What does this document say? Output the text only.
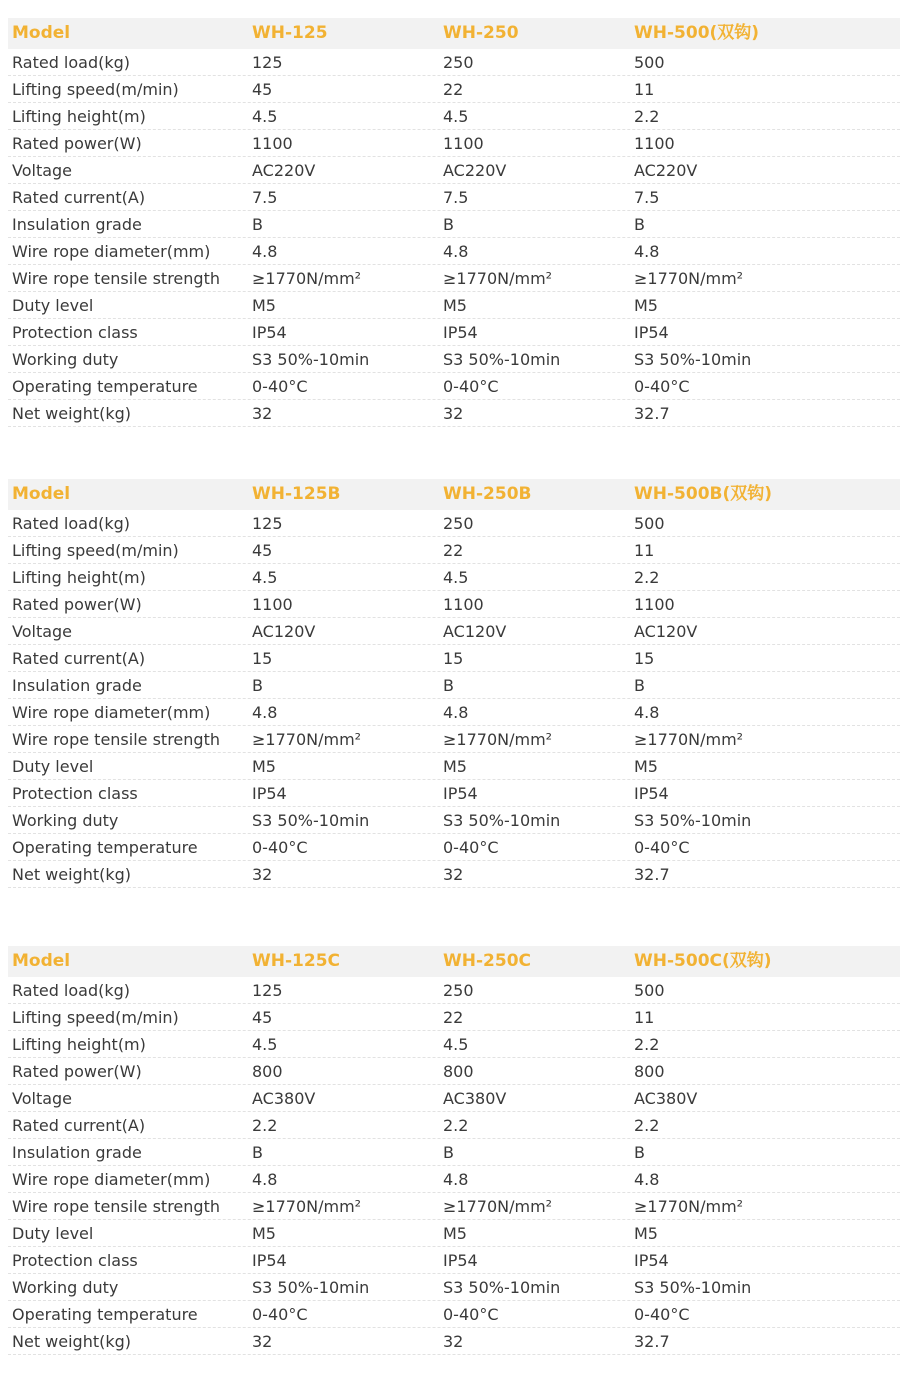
Model	WH-125	WH-250	WH-500(双钩)
Rated load(kg)	125	250	500
Lifting speed(m/min)	45	22	11
Lifting height(m)	4.5	4.5	2.2
Rated power(W)	1100	1100	1100
Voltage	AC220V	AC220V	AC220V
Rated current(A)	7.5	7.5	7.5
Insulation grade	B	B	B
Wire rope diameter(mm)	4.8	4.8	4.8
Wire rope tensile strength	≥1770N/mm²	≥1770N/mm²	≥1770N/mm²
Duty level	M5	M5	M5
Protection class	IP54	IP54	IP54
Working duty	S3 50%-10min	S3 50%-10min	S3 50%-10min
Operating temperature	0-40°C	0-40°C	0-40°C
Net weight(kg)	32	32	32.7
Model	WH-125B	WH-250B	WH-500B(双钩)
Rated load(kg)	125	250	500
Lifting speed(m/min)	45	22	11
Lifting height(m)	4.5	4.5	2.2
Rated power(W)	1100	1100	1100
Voltage	AC120V	AC120V	AC120V
Rated current(A)	15	15	15
Insulation grade	B	B	B
Wire rope diameter(mm)	4.8	4.8	4.8
Wire rope tensile strength	≥1770N/mm²	≥1770N/mm²	≥1770N/mm²
Duty level	M5	M5	M5
Protection class	IP54	IP54	IP54
Working duty	S3 50%-10min	S3 50%-10min	S3 50%-10min
Operating temperature	0-40°C	0-40°C	0-40°C
Net weight(kg)	32	32	32.7
Model	WH-125C	WH-250C	WH-500C(双钩)
Rated load(kg)	125	250	500
Lifting speed(m/min)	45	22	11
Lifting height(m)	4.5	4.5	2.2
Rated power(W)	800	800	800
Voltage	AC380V	AC380V	AC380V
Rated current(A)	2.2	2.2	2.2
Insulation grade	B	B	B
Wire rope diameter(mm)	4.8	4.8	4.8
Wire rope tensile strength	≥1770N/mm²	≥1770N/mm²	≥1770N/mm²
Duty level	M5	M5	M5
Protection class	IP54	IP54	IP54
Working duty	S3 50%-10min	S3 50%-10min	S3 50%-10min
Operating temperature	0-40°C	0-40°C	0-40°C
Net weight(kg)	32	32	32.7
